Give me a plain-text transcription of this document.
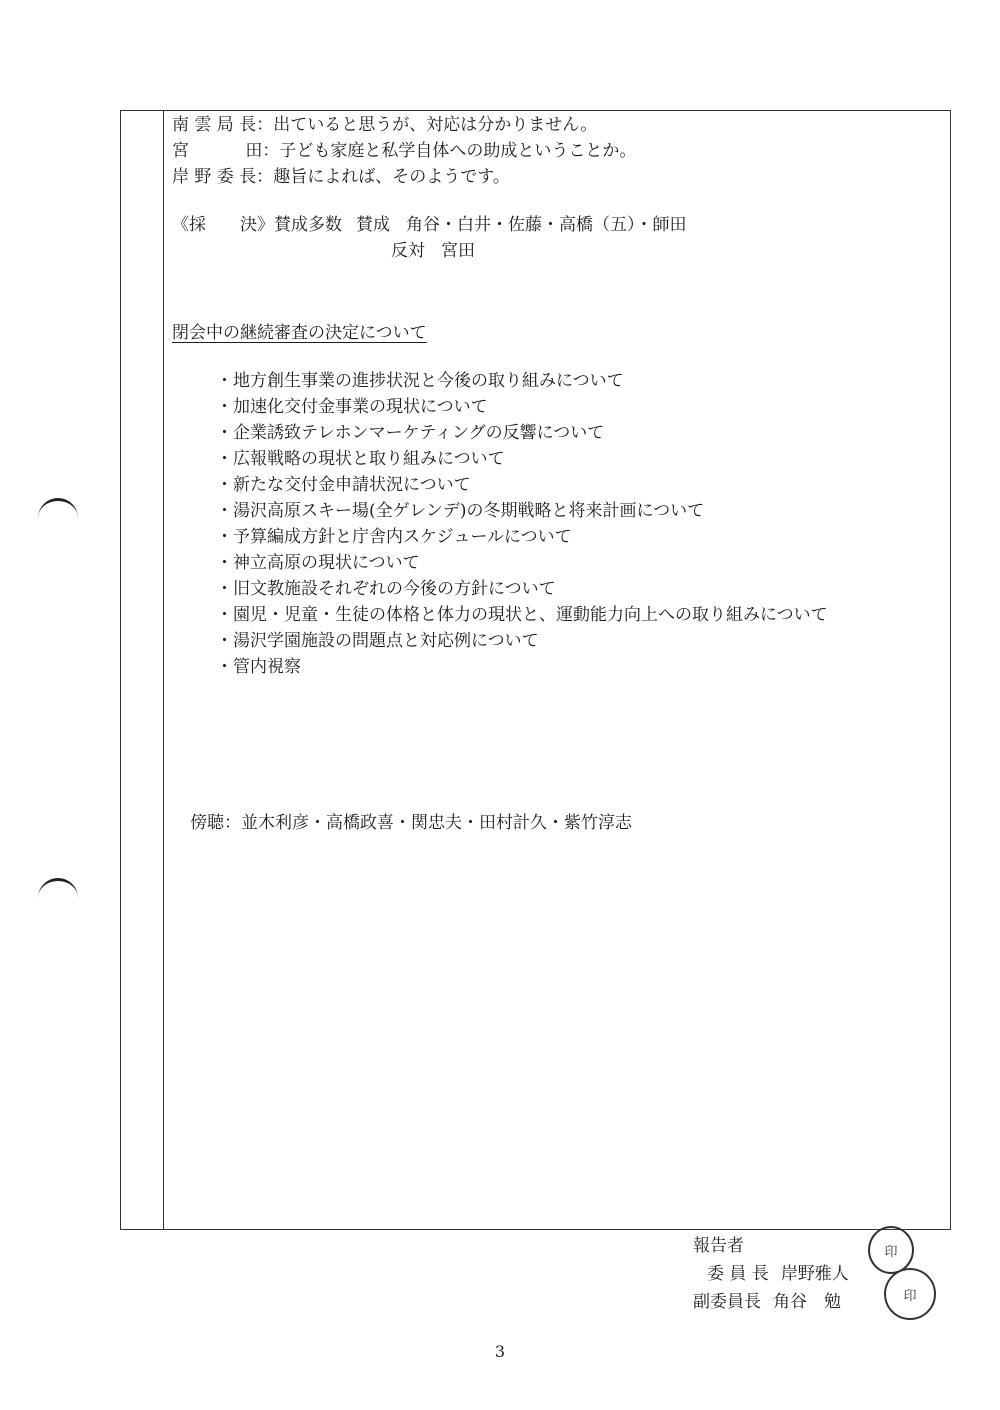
南 雲 局 長：出ていると思うが、対応は分かりません。
宮　　　 田：子ども家庭と私学自体への助成ということか。
岸 野 委 長：趣旨によれば、そのようです。
《採　　決》賛成多数 賛成 角谷・白井・佐藤・高橋（五）・師田
反対 宮田
閉会中の継続審査の決定について
・地方創生事業の進捗状況と今後の取り組みについて
・加速化交付金事業の現状について
・企業誘致テレホンマーケティングの反響について
・広報戦略の現状と取り組みについて
・新たな交付金申請状況について
・湯沢高原スキー場(全ゲレンデ)の冬期戦略と将来計画について
・予算編成方針と庁舎内スケジュールについて
・神立高原の現状について
・旧文教施設それぞれの今後の方針について
・園児・児童・生徒の体格と体力の現状と、運動能力向上への取り組みについて
・湯沢学園施設の問題点と対応例について
・管内視察
傍聴：並木利彦・高橋政喜・関忠夫・田村計久・紫竹淳志
報告者
委 員 長 岸野雅人
副委員長 角谷　勉
印
印
3
